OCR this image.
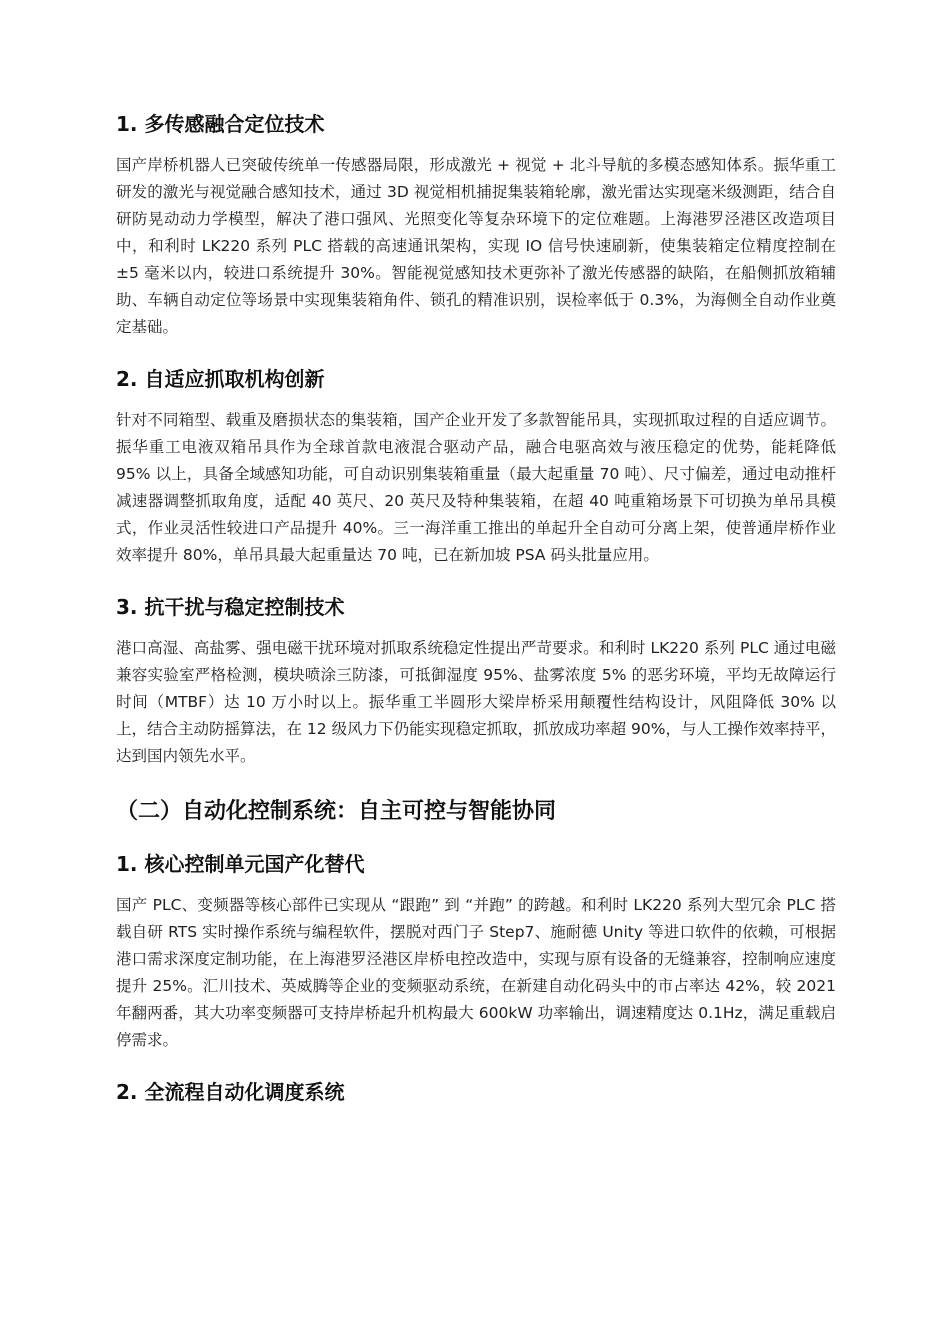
1. 多传感融合定位技术

国产岸桥机器人已突破传统单一传感器局限，形成激光 + 视觉 + 北斗导航的多模态感知体系。振华重工研发的激光与视觉融合感知技术，通过 3D 视觉相机捕捉集装箱轮廓，激光雷达实现毫米级测距，结合自研防晃动动力学模型，解决了港口强风、光照变化等复杂环境下的定位难题。上海港罗泾港区改造项目中，和利时 LK220 系列 PLC 搭载的高速通讯架构，实现 IO 信号快速刷新，使集装箱定位精度控制在 ±5 毫米以内，较进口系统提升 30%。智能视觉感知技术更弥补了激光传感器的缺陷，在船侧抓放箱辅助、车辆自动定位等场景中实现集装箱角件、锁孔的精准识别，误检率低于 0.3%，为海侧全自动作业奠定基础。

2. 自适应抓取机构创新

针对不同箱型、载重及磨损状态的集装箱，国产企业开发了多款智能吊具，实现抓取过程的自适应调节。振华重工电液双箱吊具作为全球首款电液混合驱动产品，融合电驱高效与液压稳定的优势，能耗降低 95% 以上，具备全域感知功能，可自动识别集装箱重量（最大起重量 70 吨）、尺寸偏差，通过电动推杆减速器调整抓取角度，适配 40 英尺、20 英尺及特种集装箱，在超 40 吨重箱场景下可切换为单吊具模式，作业灵活性较进口产品提升 40%。三一海洋重工推出的单起升全自动可分离上架，使普通岸桥作业效率提升 80%，单吊具最大起重量达 70 吨，已在新加坡 PSA 码头批量应用。

3. 抗干扰与稳定控制技术

港口高湿、高盐雾、强电磁干扰环境对抓取系统稳定性提出严苛要求。和利时 LK220 系列 PLC 通过电磁兼容实验室严格检测，模块喷涂三防漆，可抵御湿度 95%、盐雾浓度 5% 的恶劣环境，平均无故障运行时间（MTBF）达 10 万小时以上。振华重工半圆形大梁岸桥采用颠覆性结构设计，风阻降低 30% 以上，结合主动防摇算法，在 12 级风力下仍能实现稳定抓取，抓放成功率超 90%，与人工操作效率持平，达到国内领先水平。

（二）自动化控制系统：自主可控与智能协同
1. 核心控制单元国产化替代

国产 PLC、变频器等核心部件已实现从 “跟跑” 到 “并跑” 的跨越。和利时 LK220 系列大型冗余 PLC 搭载自研 RTS 实时操作系统与编程软件，摆脱对西门子 Step7、施耐德 Unity 等进口软件的依赖，可根据港口需求深度定制功能，在上海港罗泾港区岸桥电控改造中，实现与原有设备的无缝兼容，控制响应速度提升 25%。汇川技术、英威腾等企业的变频驱动系统，在新建自动化码头中的市占率达 42%，较 2021 年翻两番，其大功率变频器可支持岸桥起升机构最大 600kW 功率输出，调速精度达 0.1Hz，满足重载启停需求。

2. 全流程自动化调度系统
